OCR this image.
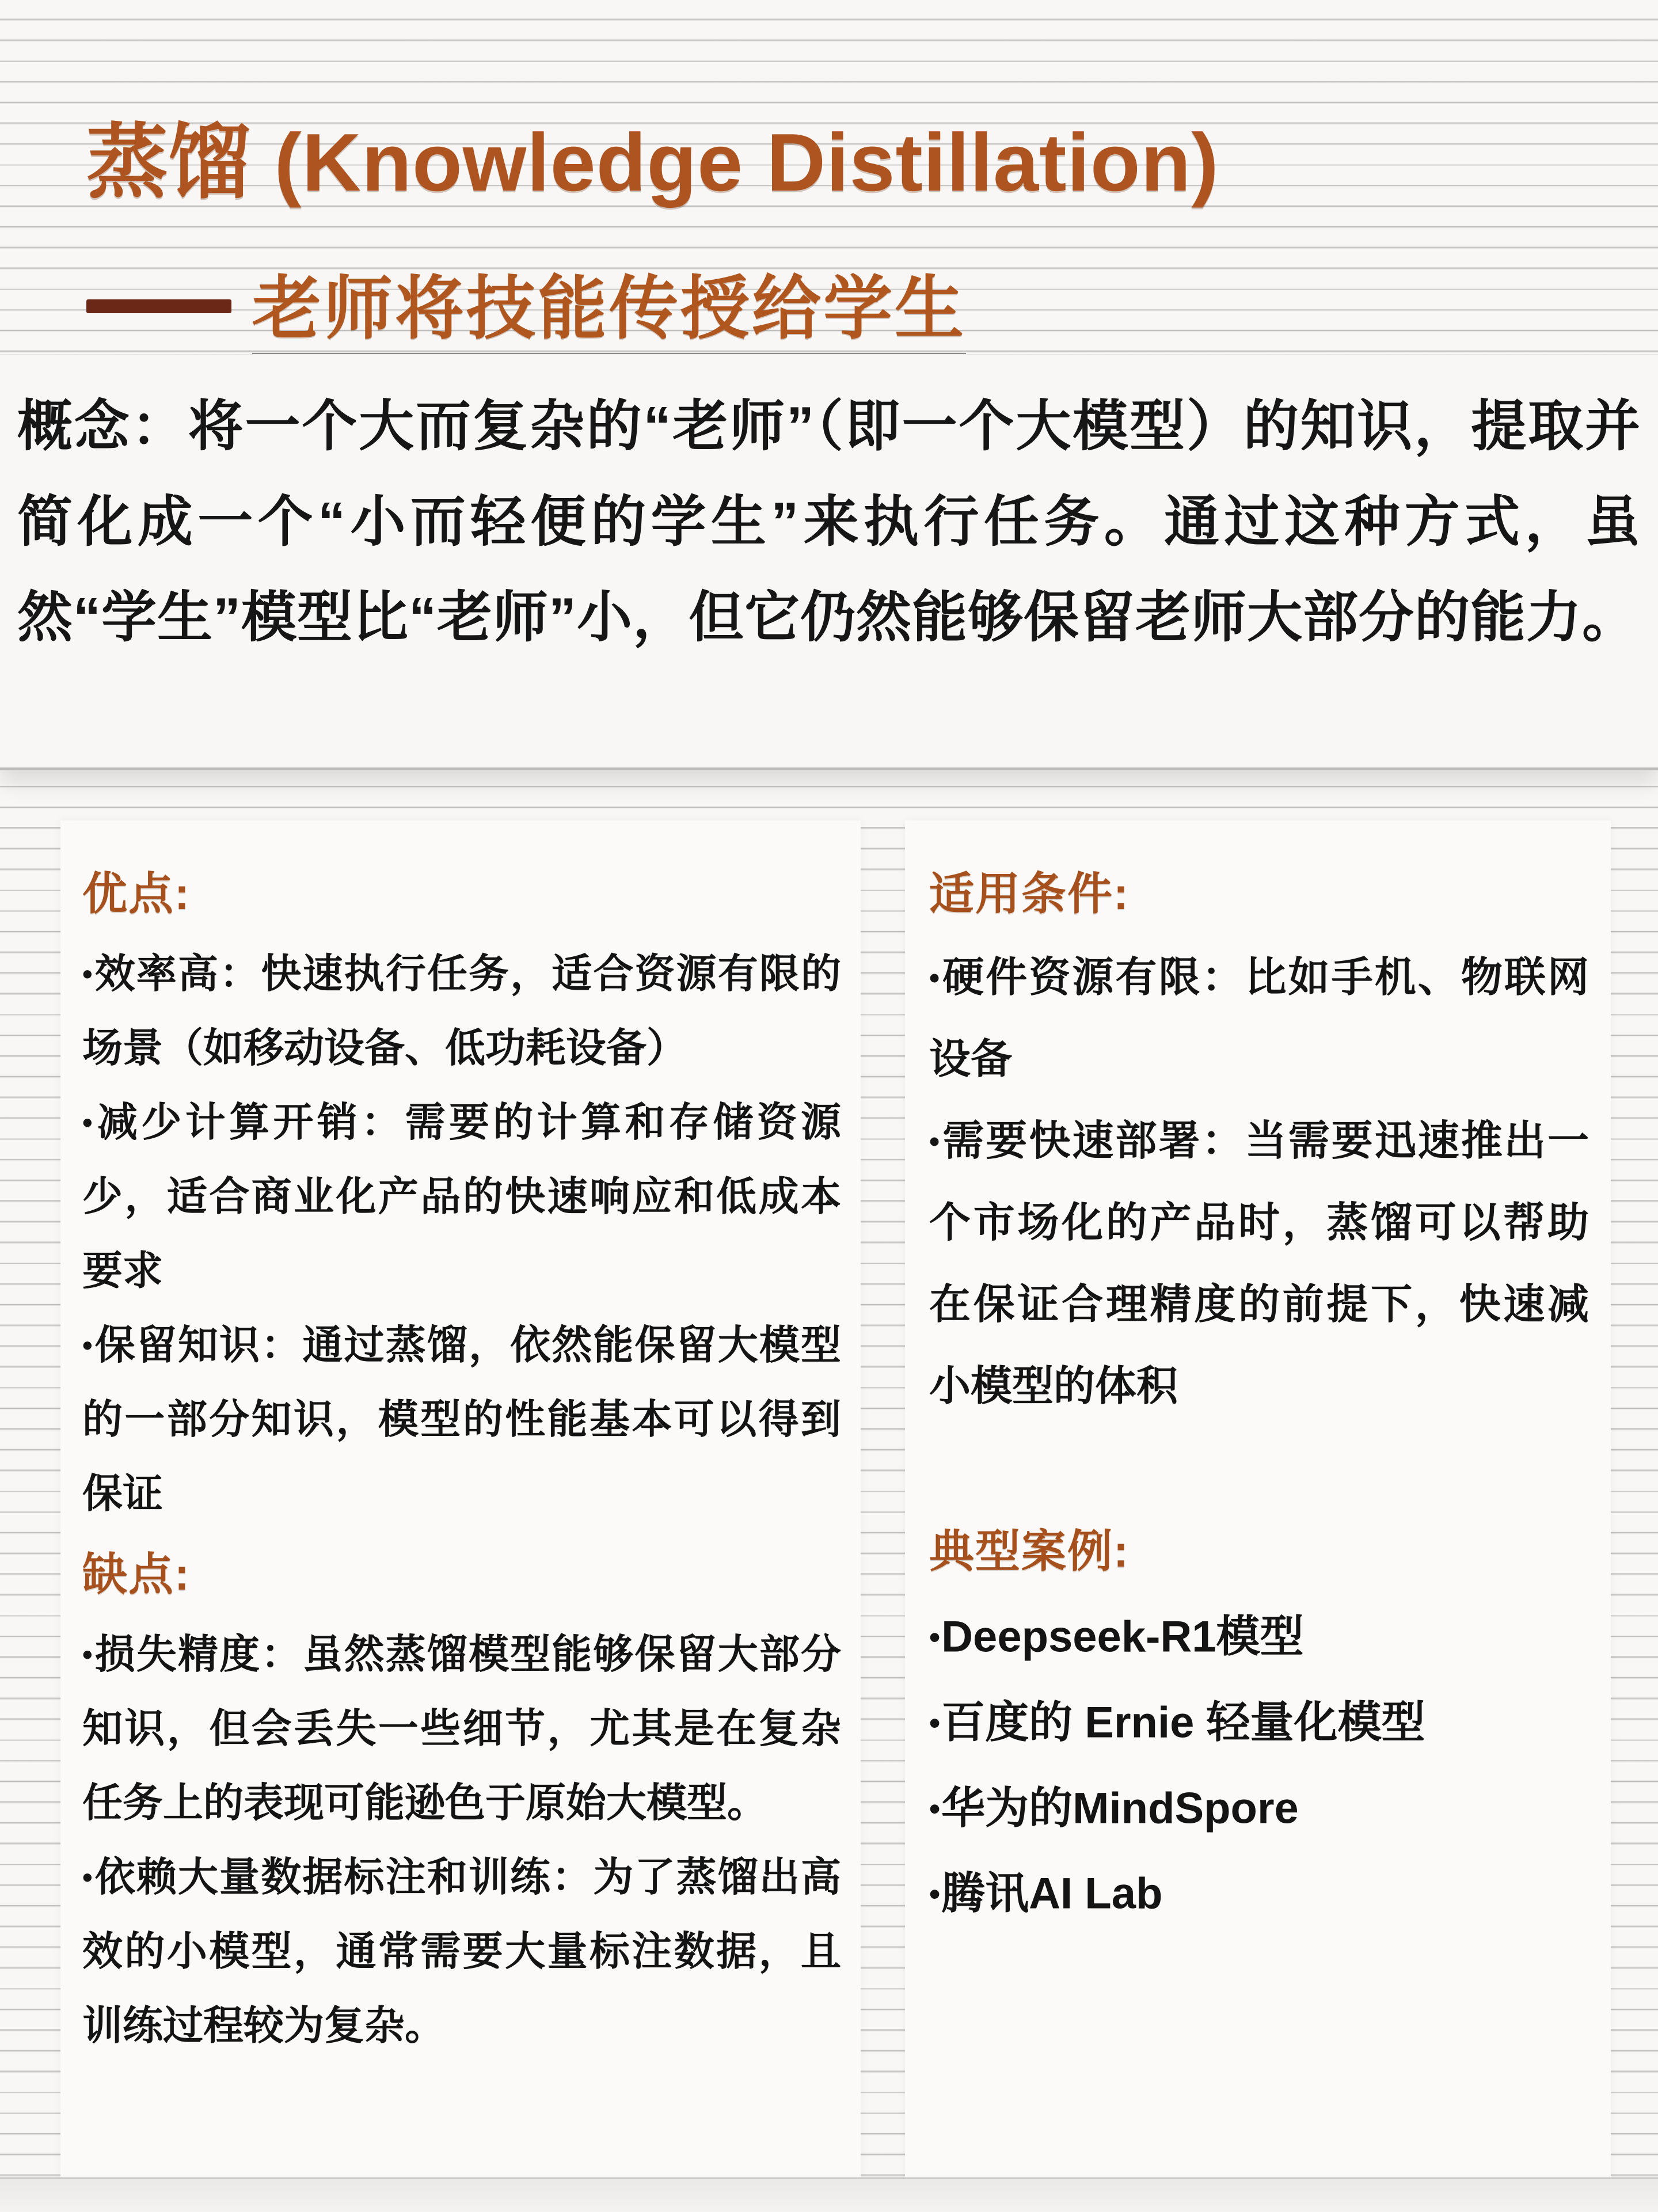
蒸馏 (Knowledge Distillation)
老师将技能传授给学生

概念：将一个大而复杂的“老师”（即一个大模型）的知识，提取并简化成一个“小而轻便的学生”来执行任务。通过这种方式，虽然“学生”模型比“老师”小，但它仍然能够保留老师大部分的能力。

优点:

•效率高：快速执行任务，适合资源有限的场景（如移动设备、低功耗设备）

•减少计算开销：需要的计算和存储资源少，适合商业化产品的快速响应和低成本要求

•保留知识：通过蒸馏，依然能保留大模型的一部分知识，模型的性能基本可以得到保证

缺点:

•损失精度：虽然蒸馏模型能够保留大部分知识，但会丢失一些细节，尤其是在复杂任务上的表现可能逊色于原始大模型。

•依赖大量数据标注和训练：为了蒸馏出高效的小模型，通常需要大量标注数据，且训练过程较为复杂。

适用条件:

•硬件资源有限：比如手机、物联网设备

•需要快速部署：当需要迅速推出一个市场化的产品时，蒸馏可以帮助在保证合理精度的前提下，快速减小模型的体积

典型案例:

•Deepseek-R1模型

•百度的 Ernie 轻量化模型

•华为的MindSpore

•腾讯AI Lab
